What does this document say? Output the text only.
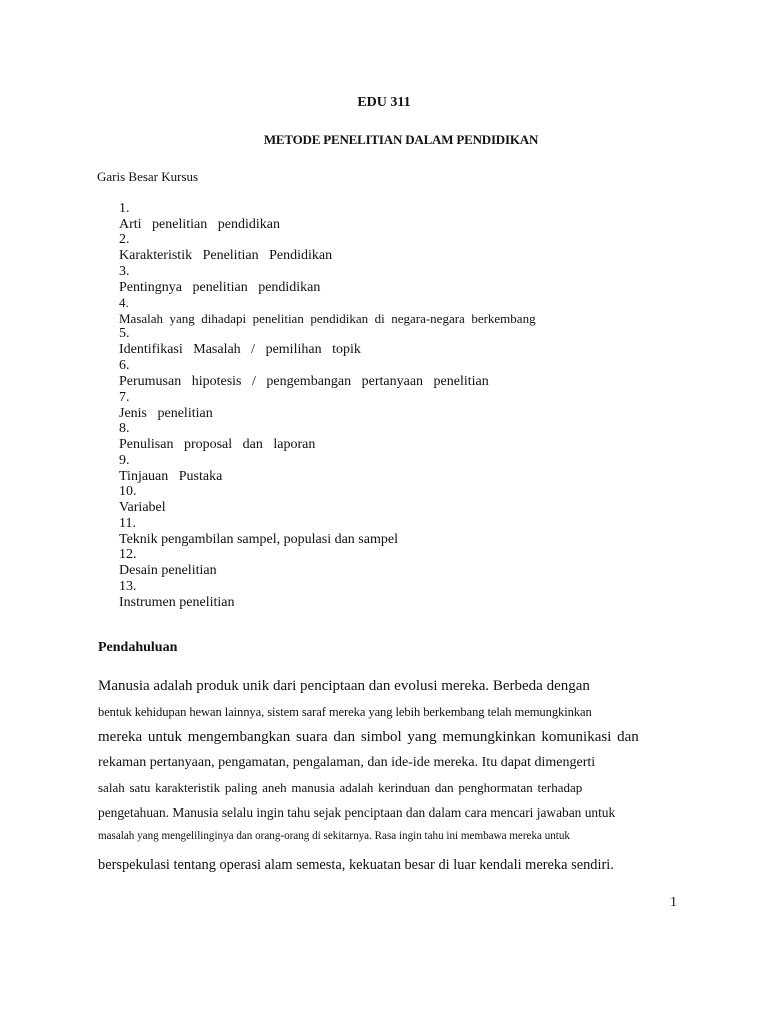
EDU 311
METODE PENELITIAN DALAM PENDIDIKAN
Garis Besar Kursus
1.Arti   penelitian   pendidikan
2.Karakteristik   Penelitian   Pendidikan
3.Pentingnya   penelitian   pendidikan
4.Masalah  yang  dihadapi  penelitian  pendidikan  di  negara-negara  berkembang
5.Identifikasi   Masalah   /   pemilihan   topik
6.Perumusan   hipotesis   /   pengembangan   pertanyaan   penelitian
7.Jenis   penelitian
8.Penulisan   proposal   dan   laporan
9.Tinjauan   Pustaka
10.Variabel
11.Teknik pengambilan sampel, populasi dan sampel
12.Desain penelitian
13.Instrumen penelitian
Pendahuluan
Manusia adalah produk unik dari penciptaan dan evolusi mereka. Berbeda dengan
bentuk kehidupan hewan lainnya, sistem saraf mereka yang lebih berkembang telah memungkinkan
mereka untuk mengembangkan suara dan simbol yang memungkinkan komunikasi dan
rekaman pertanyaan, pengamatan, pengalaman, dan ide-ide mereka. Itu dapat dimengerti
salah satu karakteristik paling aneh manusia adalah kerinduan dan penghormatan terhadap
pengetahuan. Manusia selalu ingin tahu sejak penciptaan dan dalam cara mencari jawaban untuk
masalah yang mengelilinginya dan orang-orang di sekitarnya. Rasa ingin tahu ini membawa mereka untuk
berspekulasi tentang operasi alam semesta, kekuatan besar di luar kendali mereka sendiri.
1
